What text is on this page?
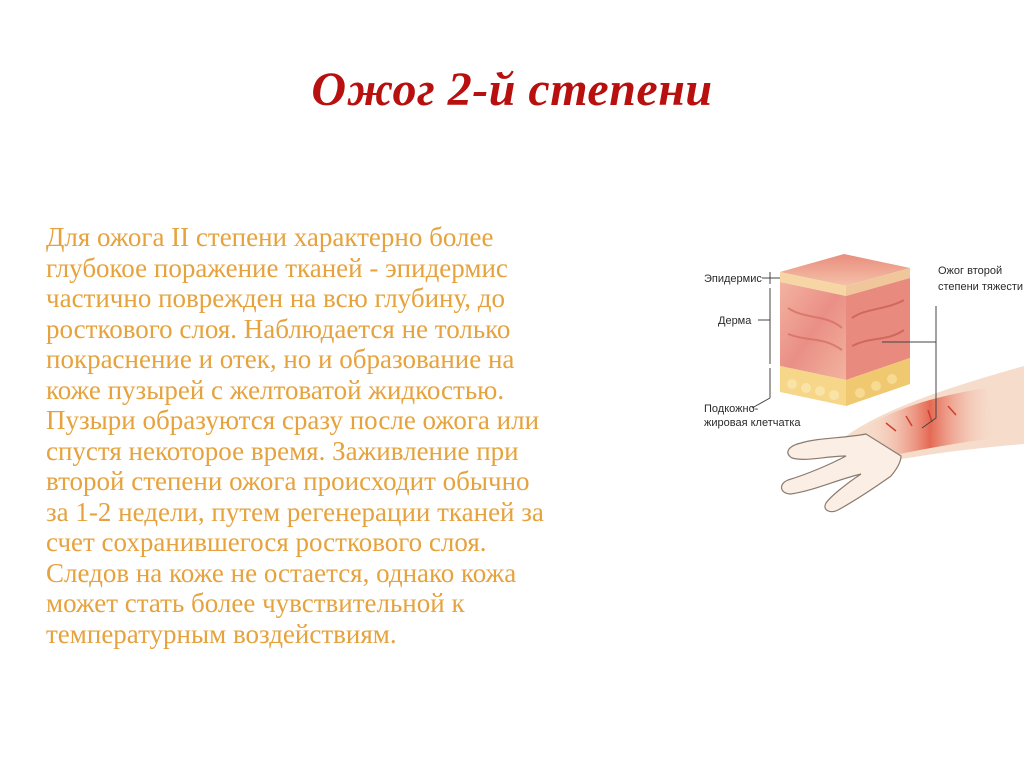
Ожог 2-й степени
Для ожога II степени характерно более
глубокое поражение тканей - эпидермис
частично поврежден на всю глубину, до
росткового слоя. Наблюдается не только
покраснение и отек, но и образование на
коже пузырей с желтоватой жидкостью.
Пузыри образуются сразу после ожога или
спустя некоторое время. Заживление при
второй степени ожога происходит обычно
за 1-2 недели, путем регенерации тканей за
счет сохранившегося росткового слоя.
Следов на коже не остается, однако кожа
может стать более чувствительной к
температурным воздействиям.
Эпидермис
Дерма
Подкожно-
жировая клетчатка
Ожог второй
степени тяжести
